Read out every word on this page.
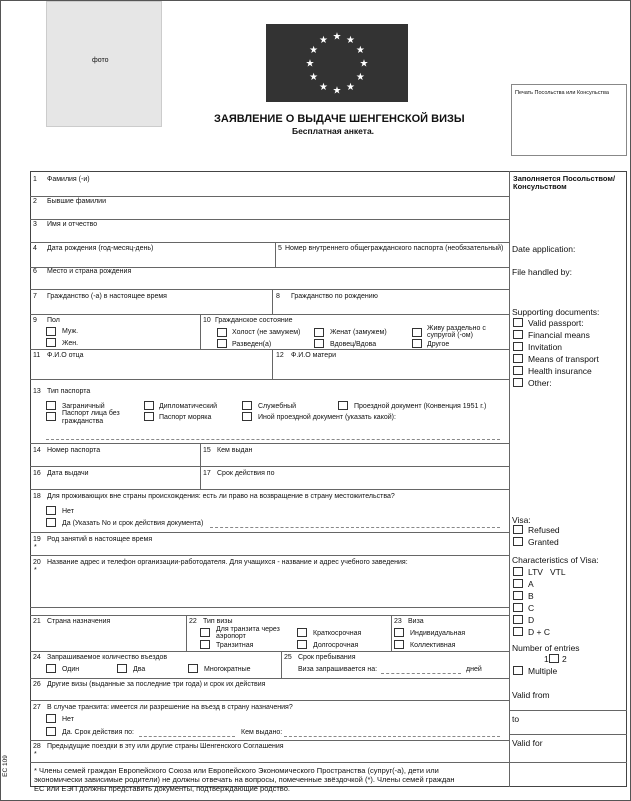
фото
★ ★
★
★
★
★
★
★
★
★
★
★
Печать Посольства или Консульства
ЗАЯВЛЕНИЕ О ВЫДАЧЕ ШЕНГЕНСКОЙ ВИЗЫ
Бесплатная анкета.
1 Фамилия (-и)
2 Бывшие фамилии
3 Имя и отчество
4 Дата рождения (год-месяц-день)	5 Номер внутреннего общегражданского паспорта (необязательный)
6 Место и страна рождения
7 Гражданство (-а) в настоящее время	8 Гражданство по рождению
9 Пол
Муж.
Жен.
10 Гражданское состояние
Холост (не замужем)	Женат (замужем)
Живу раздельно с
супругой (-ом)
Разведен(а)	Вдовец/Вдова	Другое
11 Ф.И.О отца	12 Ф.И.О матери
13 Тип паспорта
Заграничный	Дипломатический	Служебный	Проездной документ (Конвенция 1951 г.)
Паспорт лица без
гражданства
Паспорт моряка	Иной проездной документ (указать какой):
14 Номер паспорта	15 Кем выдан
16 Дата выдачи	17 Срок действия по
18 Для проживающих вне страны происхождения: есть ли право на возвращение в страну местожительства?
Нет
Да (Указать No и срок действия документа)
19 Род занятий в настоящее время
*
20 Название адрес и телефон организации-работодателя. Для учащихся - название и адрес учебного заведения:
*
21 Страна назначения	22 Тип визы
Для транзита через
аэропорт
Транзитная
Краткосрочная
Долгосрочная
23 Виза
Индивидуальная
Коллективная
24 Запрашиваемое количество въездов
Один	Два	Многократные
25 Срок пребывания
Виза запрашивается на:	дней
26 Другие визы (выданные за последние три года) и срок их действия
27 В случае транзита: имеется ли разрешение на въезд в страну назначения?
Нет
Да. Срок действия по:	Кем выдано:
28 Предыдущие поездки в эту или другие страны Шенгенского Соглашения
*
Заполняется Посольством/
Консульством
Date application:
File handled by:
Supporting documents:
Valid passport:
Financial means
Invitation
Means of transport
Health insurance
Other:
Visa:
Refused
Granted
Characteristics of Visa:
LTV VTL
A
B
C
D
D + C
Number of entries
1 2
Multiple
Valid from
to
Valid for
EC 109	* Члены семей граждан Европейского Союза или Европейского Экономического Пространства (супруг(-а), дети или
экономически зависимые родители) не должны отвечать на вопросы, помеченные звёздочкой (*). Члены семей граждан
ЕС или ЕЭП должны представить документы, подтверждающие родство.
